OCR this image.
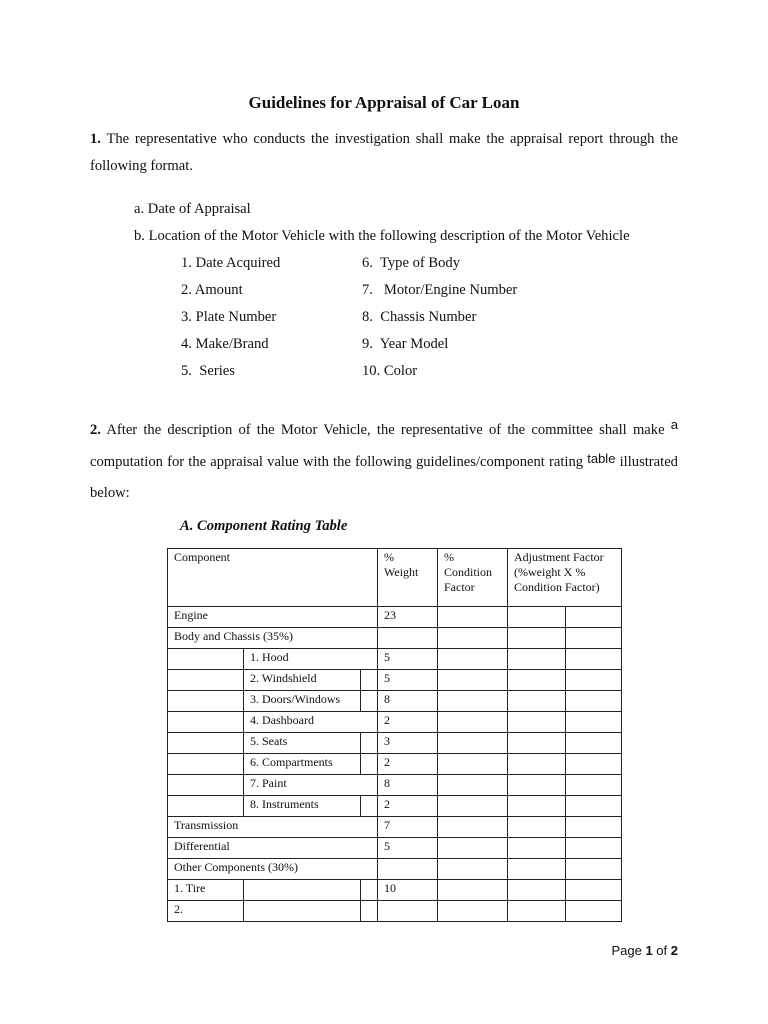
Guidelines for Appraisal of Car Loan
1. The representative who conducts the investigation shall make the appraisal report through the following format.
a. Date of Appraisal
b. Location of the Motor Vehicle with the following description of the Motor Vehicle
1. Date Acquired
2. Amount
3. Plate Number
4. Make/Brand
5.  Series
6.  Type of Body
7.   Motor/Engine Number
8.  Chassis Number
9.  Year Model
10. Color
2. After the description of the Motor Vehicle, the representative of the committee shall make a computation for the appraisal value with the following guidelines/component rating table illustrated below:
A. Component Rating Table
Component			% Weight	% Condition Factor	Adjustment Factor (%weight X % Condition Factor)	
Engine			23			
Body and Chassis (35%)						
	1. Hood		5			
	2. Windshield		5			
	3. Doors/Windows		8			
	4. Dashboard		2			
	5. Seats		3			
	6. Compartments		2			
	7. Paint		8			
	8. Instruments		2			
Transmission			7			
Differential			5			
Other Components (30%)						
1. Tire			10			
2.						
Page 1 of 2
